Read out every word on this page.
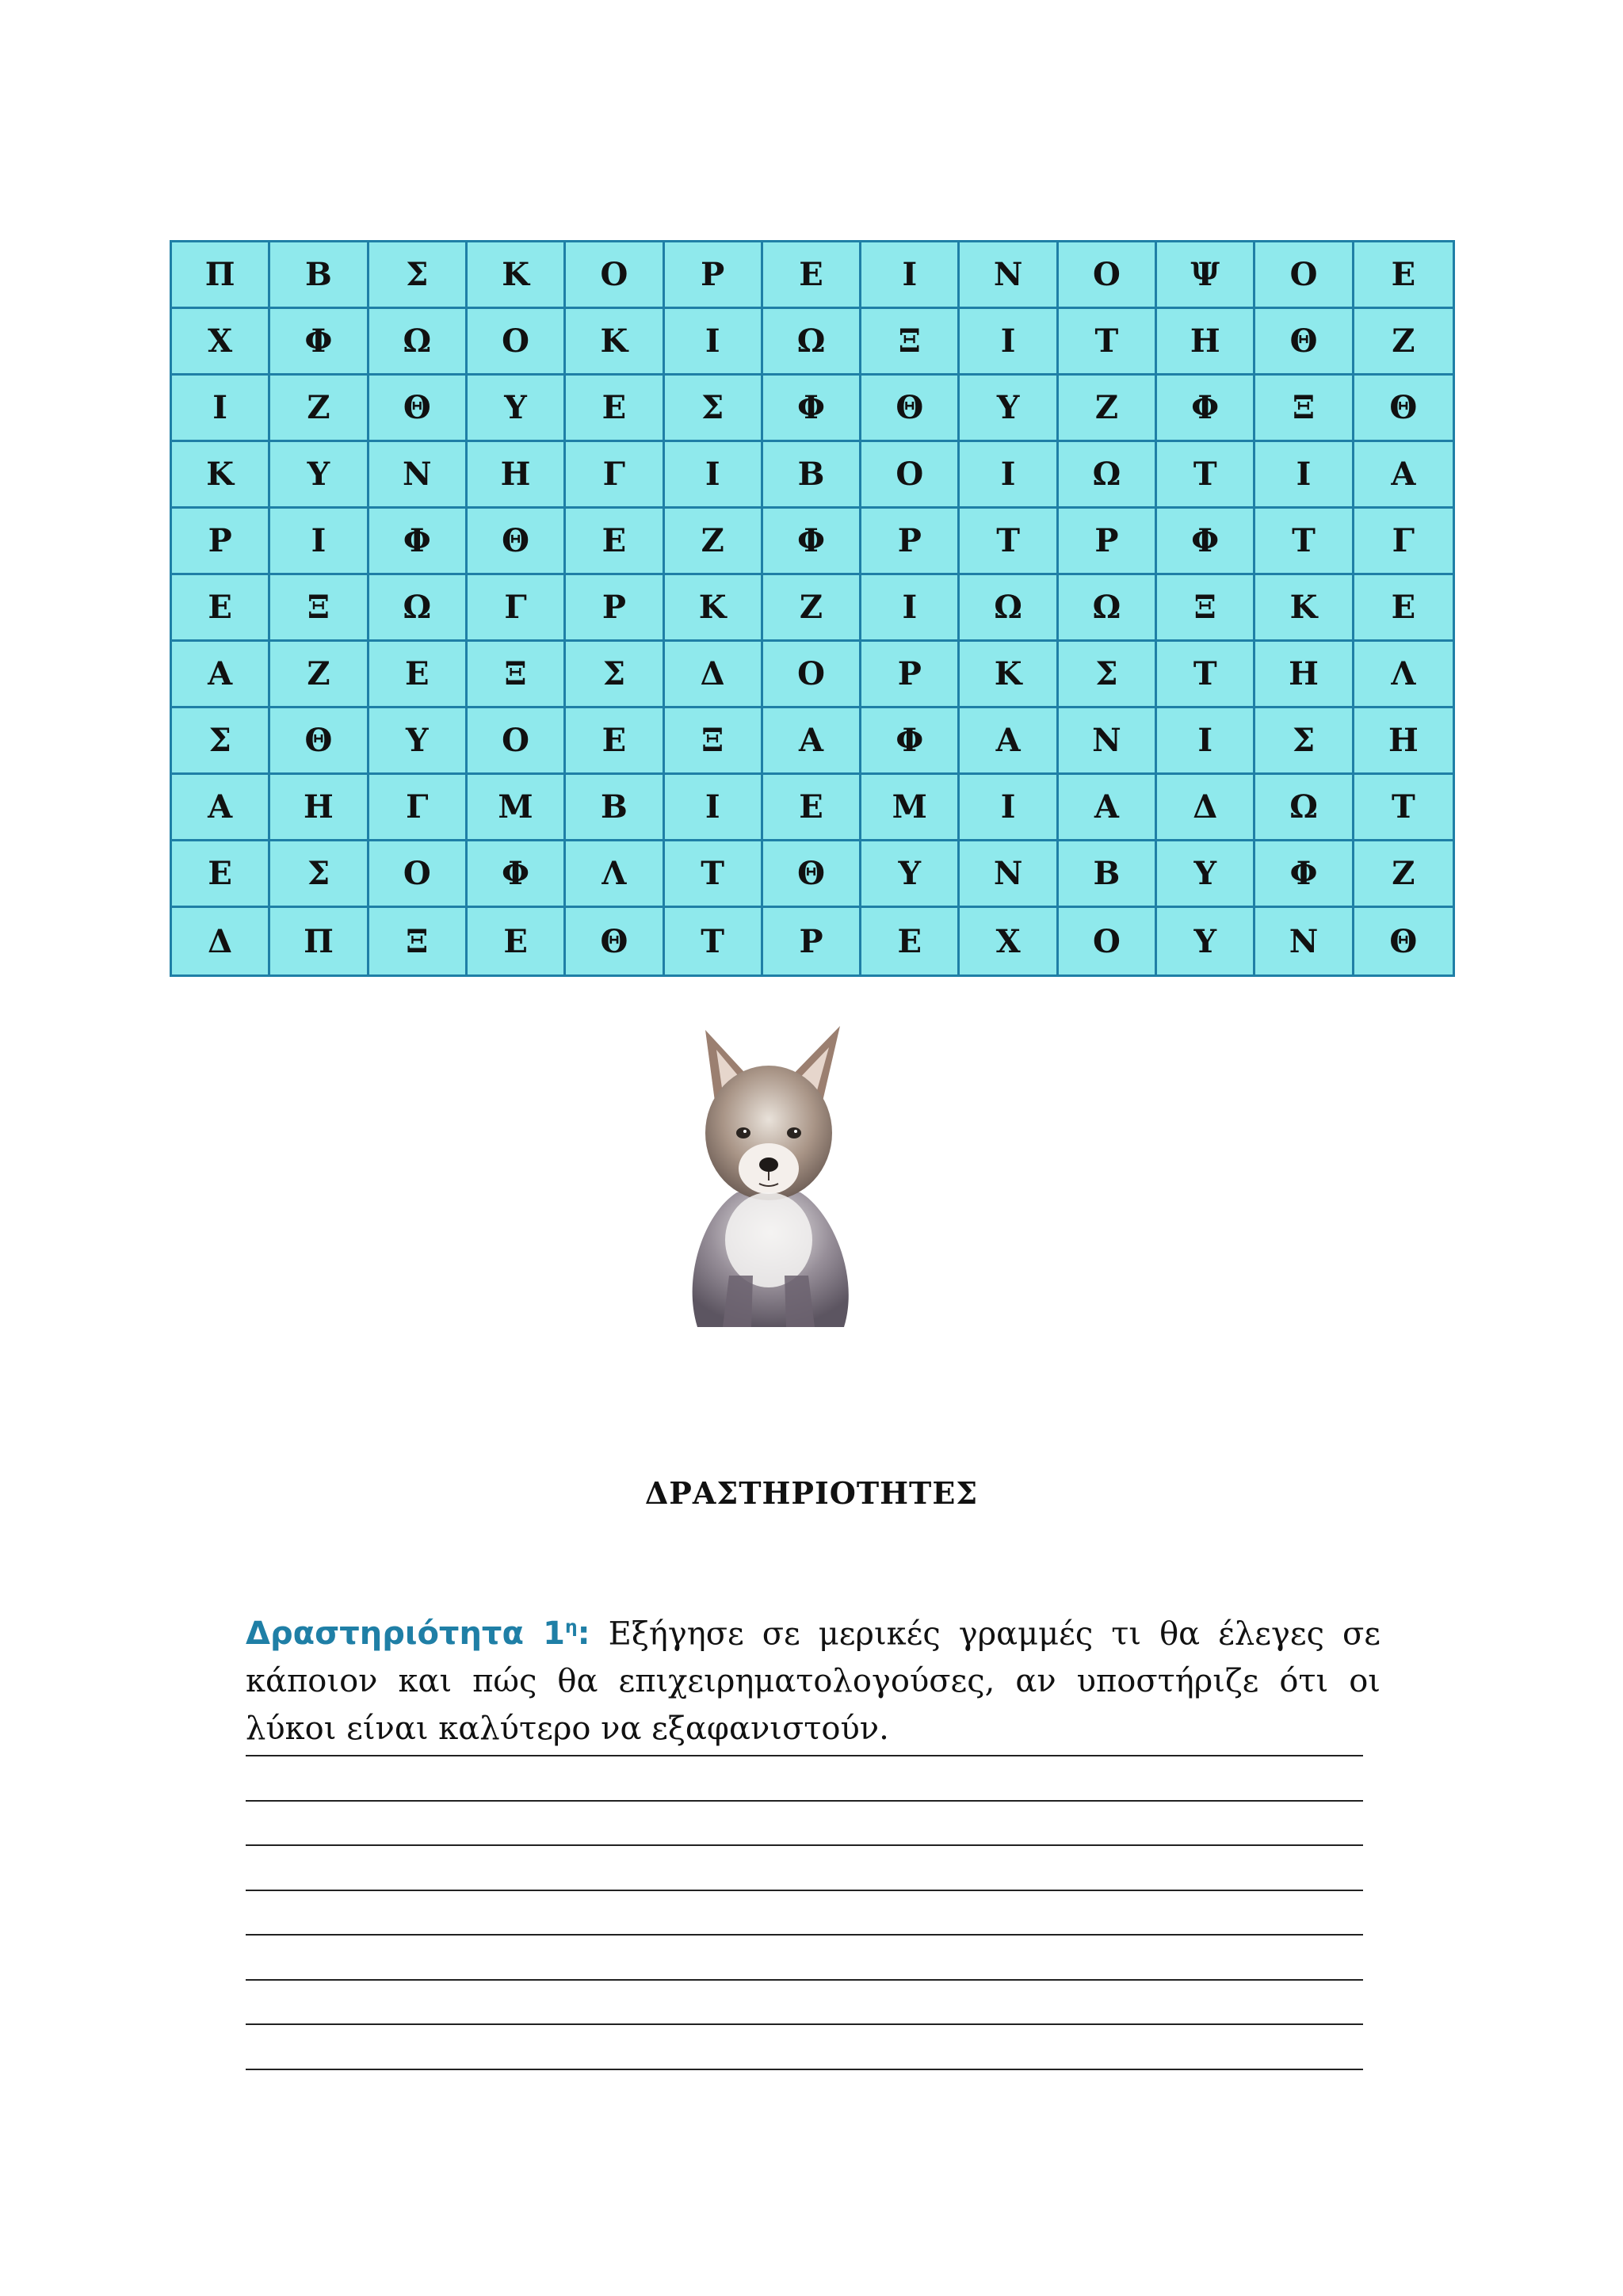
Π	Β	Σ	Κ	Ο	Ρ	Ε	Ι	Ν	Ο	Ψ	Ο	Ε
Χ	Φ	Ω	Ο	Κ	Ι	Ω	Ξ	Ι	Τ	Η	Θ	Ζ
Ι	Ζ	Θ	Υ	Ε	Σ	Φ	Θ	Υ	Ζ	Φ	Ξ	Θ
Κ	Υ	Ν	Η	Γ	Ι	Β	Ο	Ι	Ω	Τ	Ι	Α
Ρ	Ι	Φ	Θ	Ε	Ζ	Φ	Ρ	Τ	Ρ	Φ	Τ	Γ
Ε	Ξ	Ω	Γ	Ρ	Κ	Ζ	Ι	Ω	Ω	Ξ	Κ	Ε
Α	Ζ	Ε	Ξ	Σ	Δ	Ο	Ρ	Κ	Σ	Τ	Η	Λ
Σ	Θ	Υ	Ο	Ε	Ξ	Α	Φ	Α	Ν	Ι	Σ	Η
Α	Η	Γ	Μ	Β	Ι	Ε	Μ	Ι	Α	Δ	Ω	Τ
Ε	Σ	Ο	Φ	Λ	Τ	Θ	Υ	Ν	Β	Υ	Φ	Ζ
Δ	Π	Ξ	Ε	Θ	Τ	Ρ	Ε	Χ	Ο	Υ	Ν	Θ
ΔΡΑΣΤΗΡΙΟΤΗΤΕΣ
Δραστηριότητα $1^\eta$: Εξήγησε σε μερικές γραμμές τι θα έλεγες σε κάποιον και πώς θα επιχειρηματολογούσες, αν υποστήριζε ότι οι λύκοι είναι καλύτερο να εξαφανιστούν.
